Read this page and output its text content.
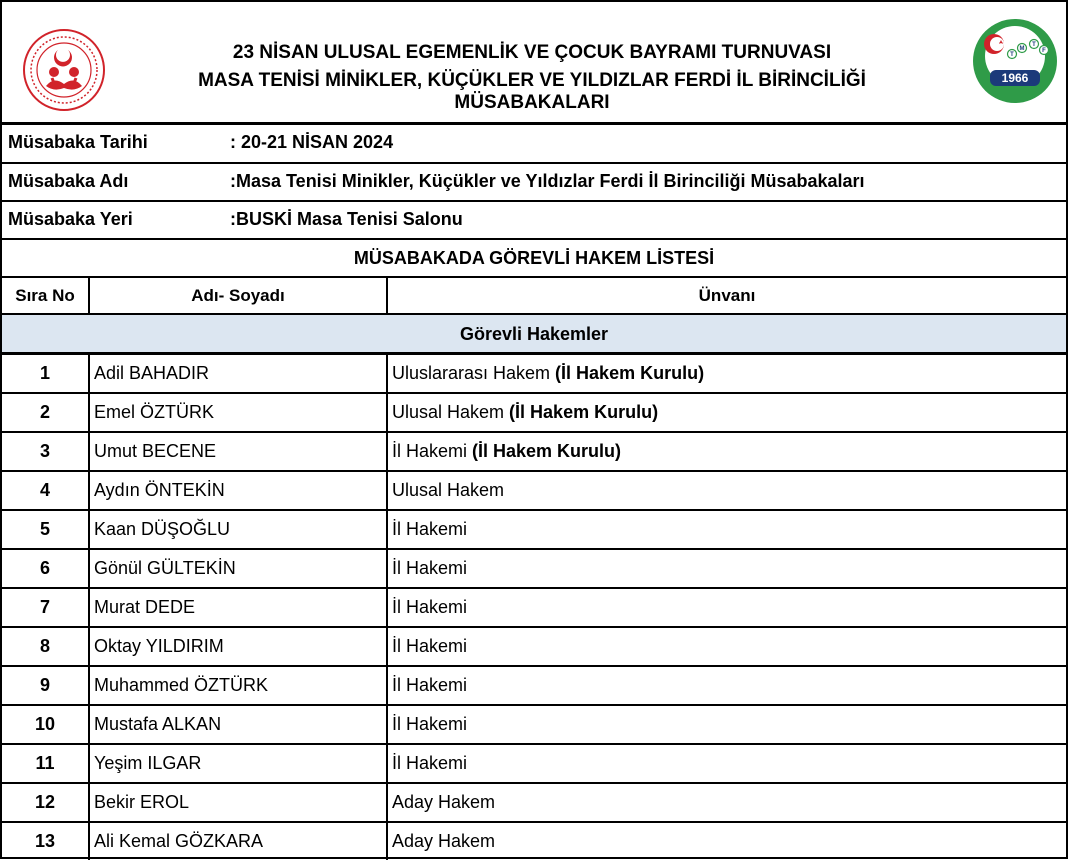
23 NİSAN ULUSAL EGEMENLİK VE ÇOCUK BAYRAMI TURNUVASI
MASA TENİSİ MİNİKLER, KÜÇÜKLER VE YILDIZLAR FERDİ İL BİRİNCİLİĞİ MÜSABAKALARI
T
M
T
F
1966
Müsabaka Tarihi	: 20-21 NİSAN 2024
Müsabaka Adı	:Masa Tenisi Minikler, Küçükler ve Yıldızlar Ferdi İl Birinciliği Müsabakaları
Müsabaka Yeri	:BUSKİ Masa Tenisi Salonu
MÜSABAKADA GÖREVLİ HAKEM LİSTESİ
Sıra No	Adı- Soyadı	Ünvanı
Görevli Hakemler
1	Adil BAHADIR	Uluslararası Hakem (İl Hakem Kurulu)
2	Emel ÖZTÜRK	Ulusal Hakem (İl Hakem Kurulu)
3	Umut BECENE	İl Hakemi (İl Hakem Kurulu)
4	Aydın ÖNTEKİN	Ulusal Hakem
5	Kaan DÜŞOĞLU	İl Hakemi
6	Gönül GÜLTEKİN	İl Hakemi
7	Murat DEDE	İl Hakemi
8	Oktay YILDIRIM	İl Hakemi
9	Muhammed ÖZTÜRK	İl Hakemi
10	Mustafa ALKAN	İl Hakemi
11	Yeşim ILGAR	İl Hakemi
12	Bekir EROL	Aday Hakem
13	Ali Kemal GÖZKARA	Aday Hakem
